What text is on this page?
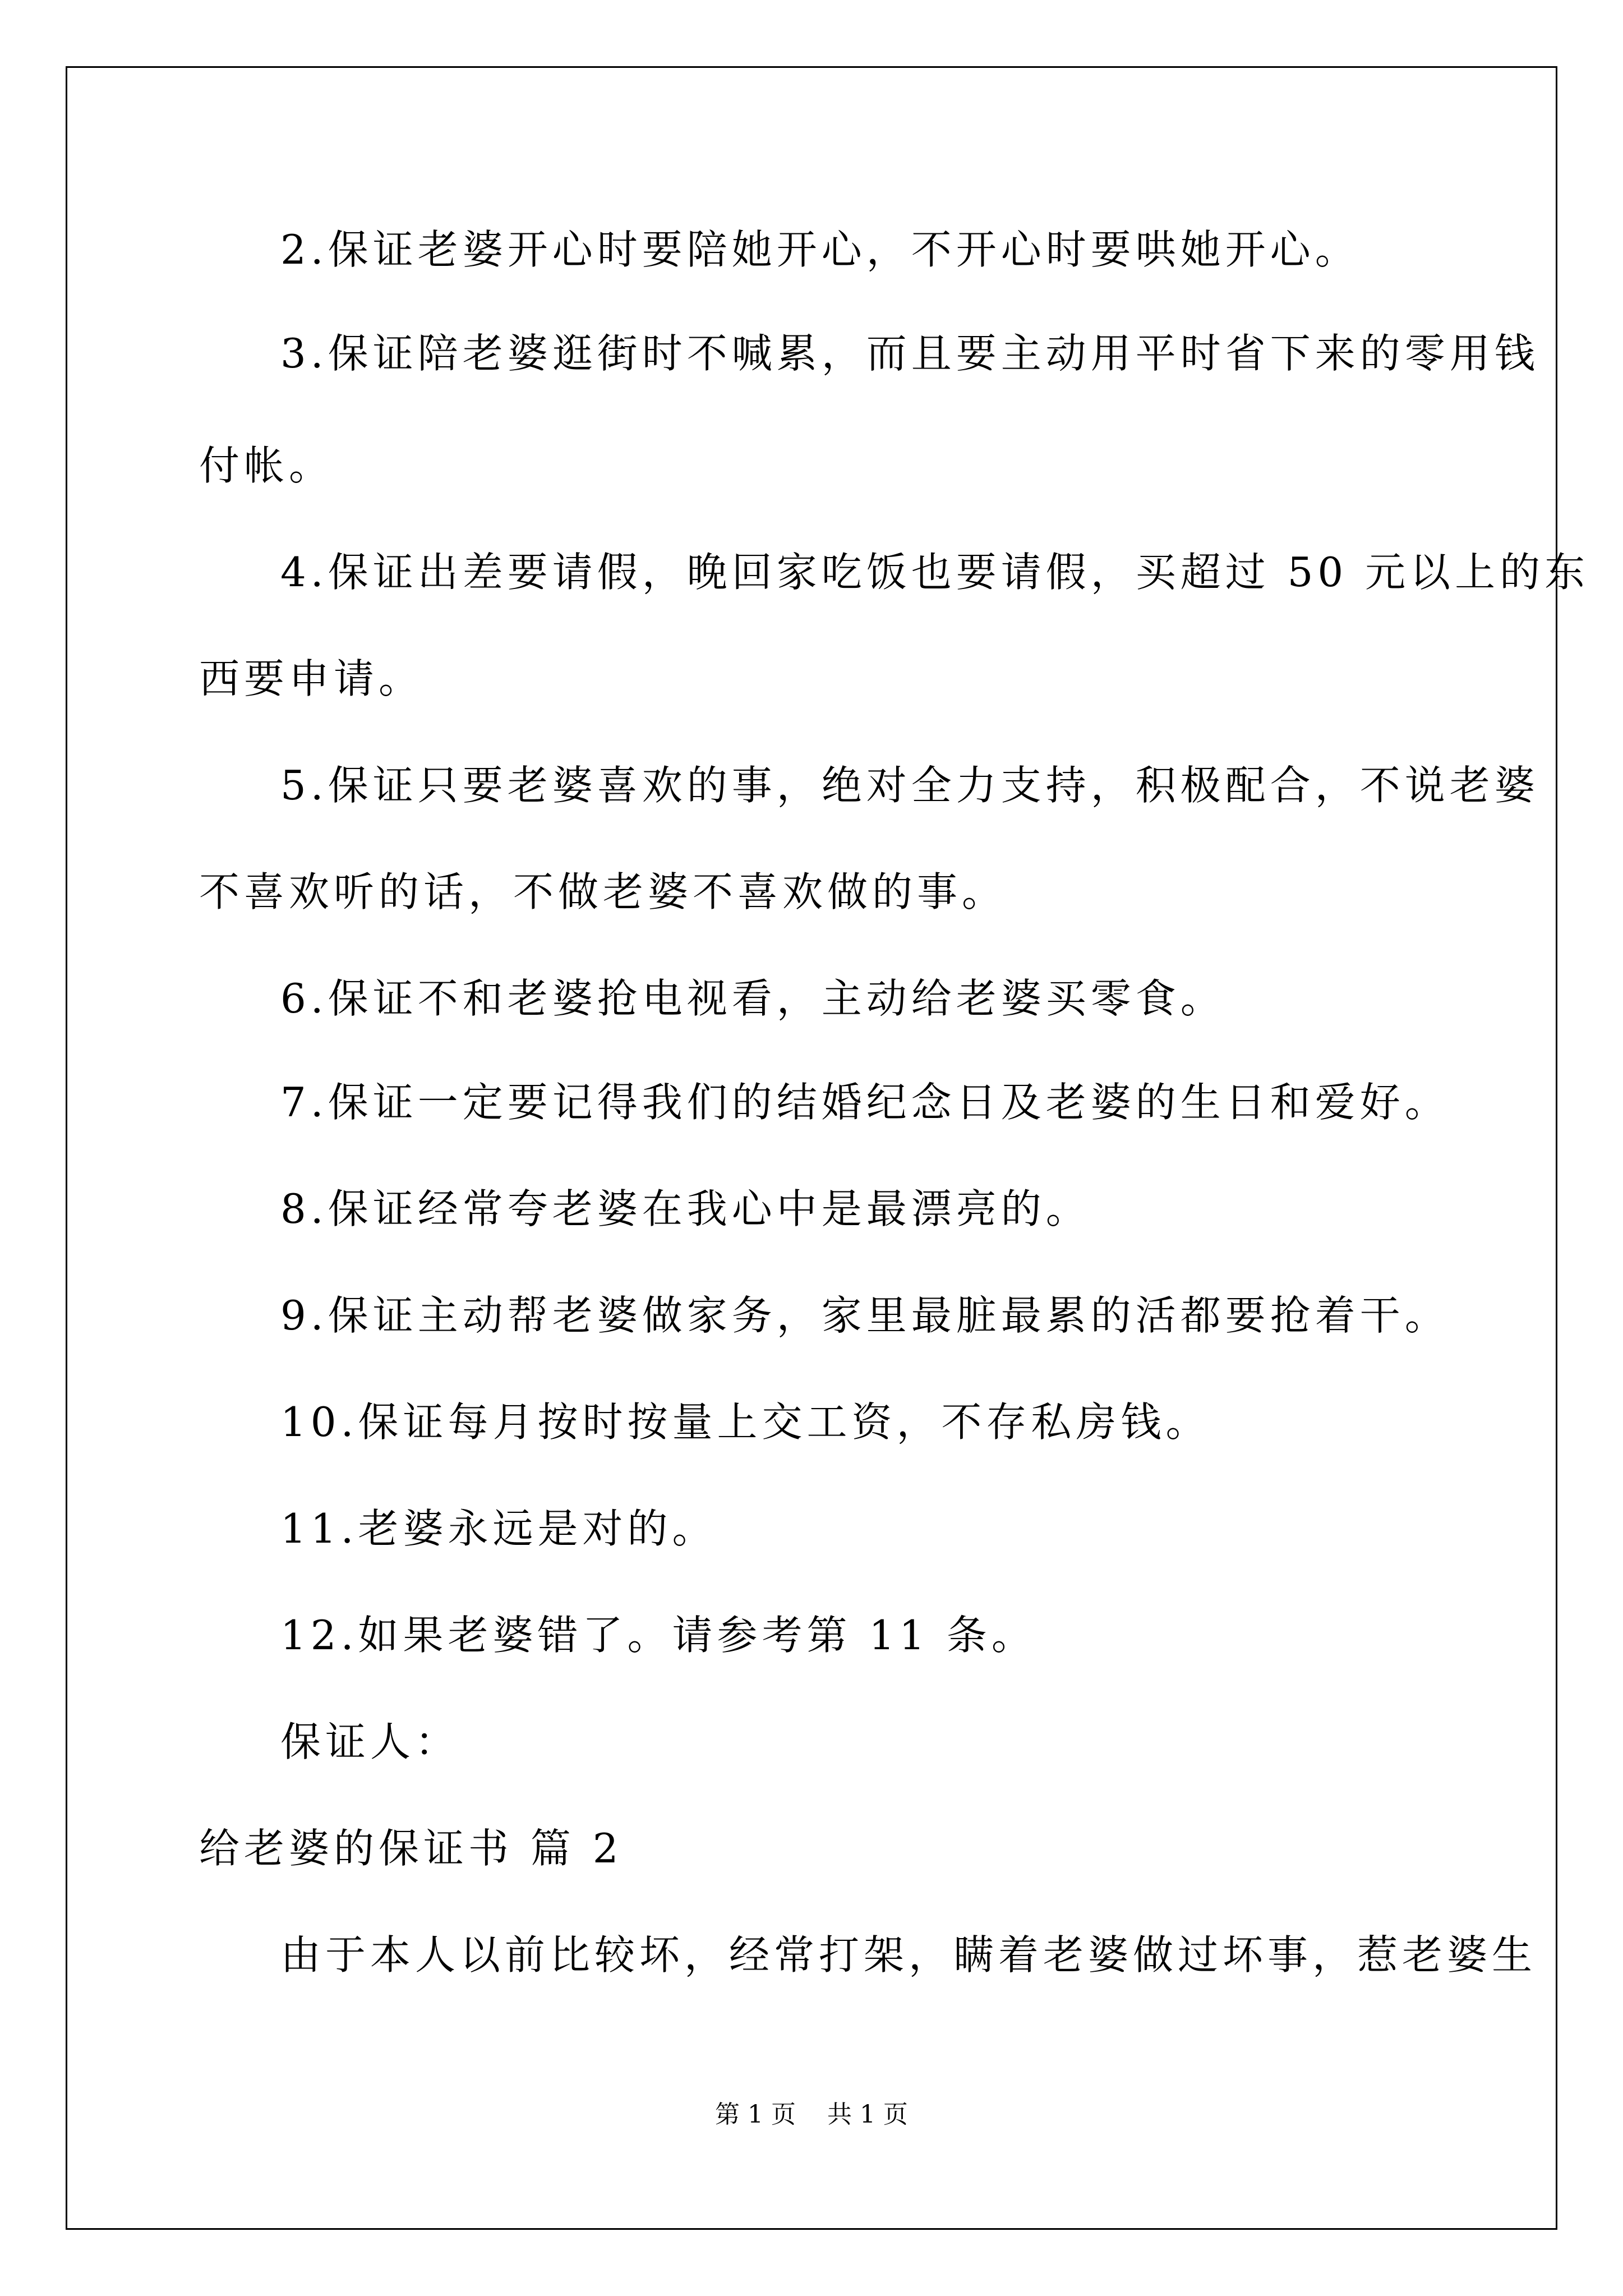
2.保证老婆开心时要陪她开心，不开心时要哄她开心。
3.保证陪老婆逛街时不喊累，而且要主动用平时省下来的零用钱
付帐。
4.保证出差要请假，晚回家吃饭也要请假，买超过 50 元以上的东
西要申请。
5.保证只要老婆喜欢的事，绝对全力支持，积极配合，不说老婆
不喜欢听的话，不做老婆不喜欢做的事。
6.保证不和老婆抢电视看，主动给老婆买零食。
7.保证一定要记得我们的结婚纪念日及老婆的生日和爱好。
8.保证经常夸老婆在我心中是最漂亮的。
9.保证主动帮老婆做家务，家里最脏最累的活都要抢着干。
10.保证每月按时按量上交工资，不存私房钱。
11.老婆永远是对的。
12.如果老婆错了。请参考第 11 条。
保证人：
给老婆的保证书 篇 2
由于本人以前比较坏，经常打架，瞒着老婆做过坏事，惹老婆生
第 1 页    共 1 页
